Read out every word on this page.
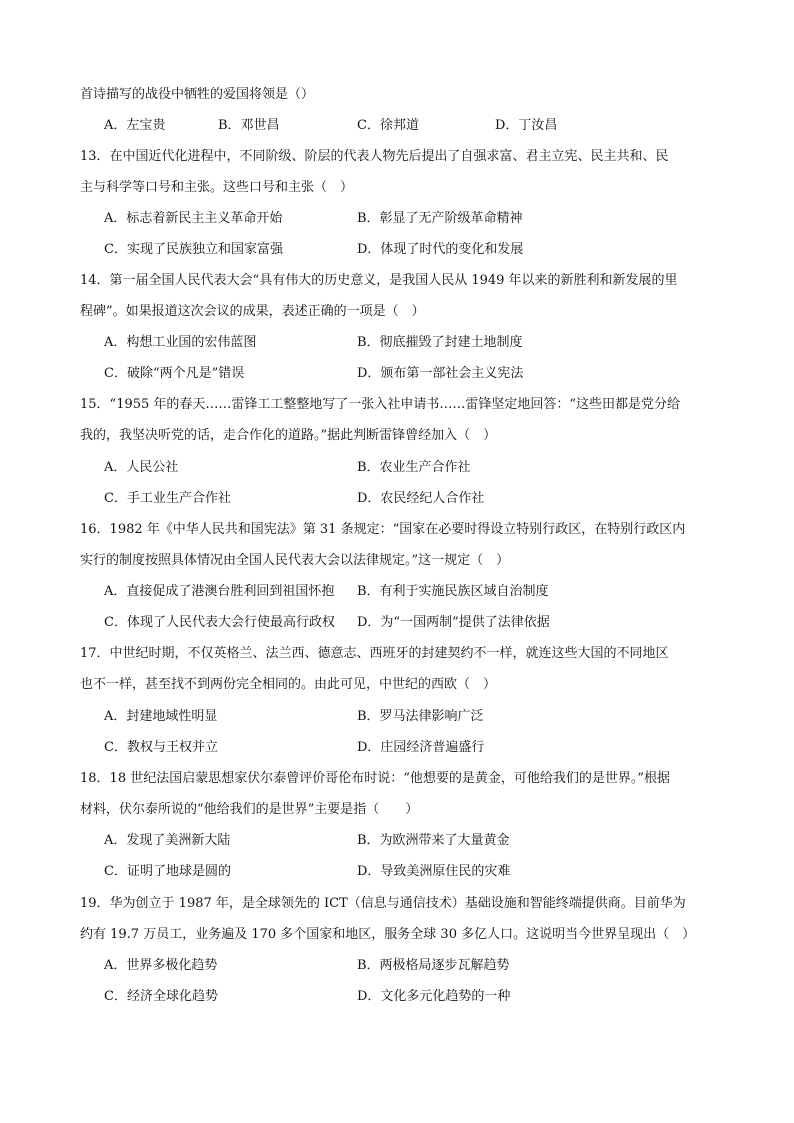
首诗描写的战役中牺牲的爱国将领是（）
A．左宝贵	B．邓世昌	C．徐邦道	D．丁汝昌
13．在中国近代化进程中，不同阶级、阶层的代表人物先后提出了自强求富、君主立宪、民主共和、民
主与科学等口号和主张。这些口号和主张（　）
A．标志着新民主主义革命开始	B．彰显了无产阶级革命精神
C．实现了民族独立和国家富强	D．体现了时代的变化和发展
14．第一届全国人民代表大会“具有伟大的历史意义，是我国人民从 1949 年以来的新胜利和新发展的里
程碑”。如果报道这次会议的成果，表述正确的一项是（　）
A．构想工业国的宏伟蓝图	B．彻底摧毁了封建土地制度
C．破除“两个凡是”错误	D．颁布第一部社会主义宪法
15．“1955 年的春天……雷锋工工整整地写了一张入社申请书……雷锋坚定地回答：“这些田都是党分给
我的，我坚决听党的话，走合作化的道路。”据此判断雷锋曾经加入（　）
A．人民公社	B．农业生产合作社
C．手工业生产合作社	D．农民经纪人合作社
16．1982 年《中华人民共和国宪法》第 31 条规定：“国家在必要时得设立特别行政区，在特别行政区内
实行的制度按照具体情况由全国人民代表大会以法律规定。”这一规定（　）
A．直接促成了港澳台胜利回到祖国怀抱 B．有利于实施民族区域自治制度
C．体现了人民代表大会行使最高行政权 D．为“一国两制”提供了法律依据
17．中世纪时期，不仅英格兰、法兰西、德意志、西班牙的封建契约不一样，就连这些大国的不同地区
也不一样，甚至找不到两份完全相同的。由此可见，中世纪的西欧（　）
A．封建地域性明显	B．罗马法律影响广泛
C．教权与王权并立	D．庄园经济普遍盛行
18．18 世纪法国启蒙思想家伏尔泰曾评价哥伦布时说：“他想要的是黄金，可他给我们的是世界。”根据
材料，伏尔泰所说的“他给我们的是世界”主要是指（　　）
A．发现了美洲新大陆	B．为欧洲带来了大量黄金
C．证明了地球是圆的	D．导致美洲原住民的灾难
19．华为创立于 1987 年，是全球领先的 ICT（信息与通信技术）基础设施和智能终端提供商。目前华为
约有 19.7 万员工，业务遍及 170 多个国家和地区，服务全球 30 多亿人口。这说明当今世界呈现出（　）
A．世界多极化趋势	B．两极格局逐步瓦解趋势
C．经济全球化趋势	D．文化多元化趋势的一种
